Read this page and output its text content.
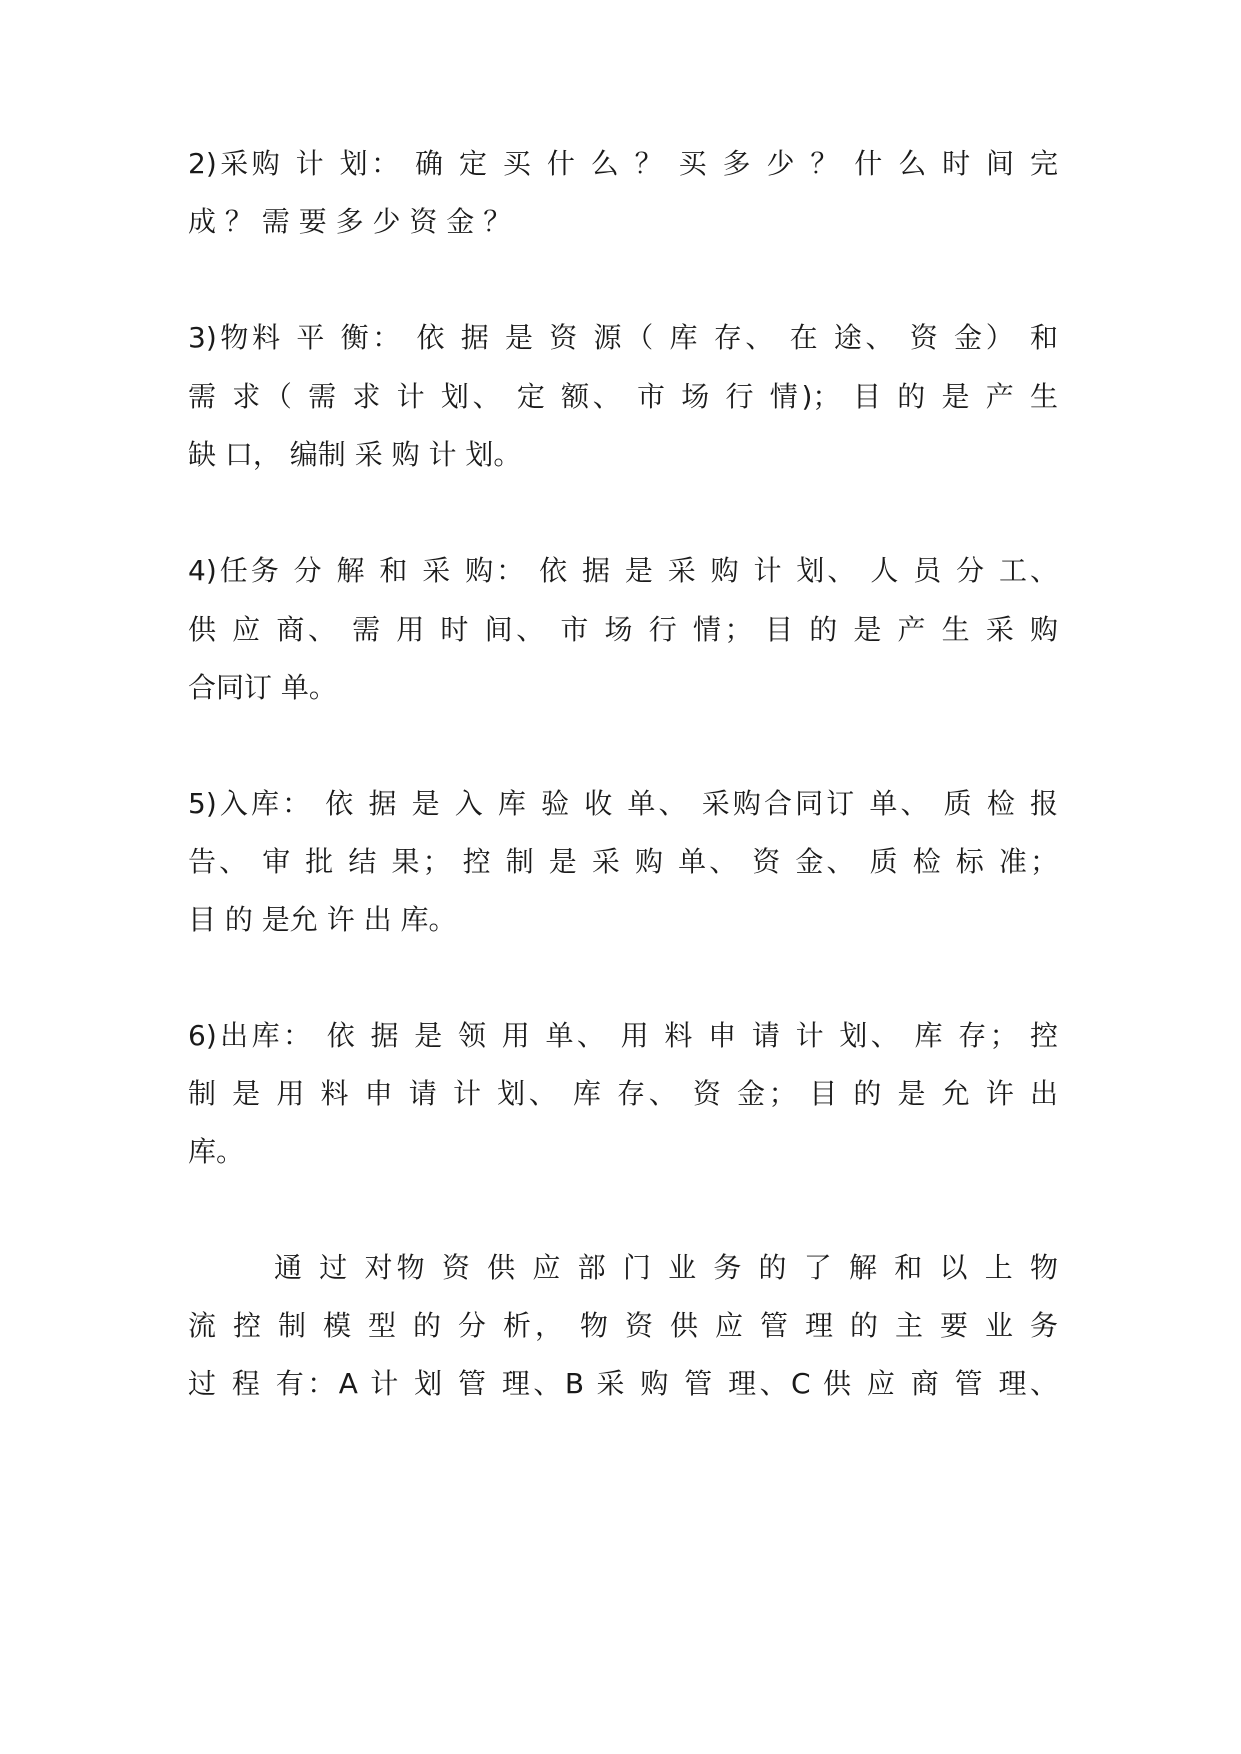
2)采购 计 划： 确 定 买 什 么 ？ 买 多 少 ？ 什 么 时 间 完
成 ？ 需 要 多 少 资 金 ？
3)物料 平 衡： 依 据 是 资 源（ 库 存、 在 途、 资 金） 和
需 求（ 需 求 计 划、 定 额、 市 场 行 情)； 目 的 是 产 生
缺 口， 编制 采 购 计 划。
4)任务 分 解 和 采 购： 依 据 是 采 购 计 划、 人 员 分 工、
供 应 商、 需 用 时 间、 市 场 行 情； 目 的 是 产 生 采 购
合同订 单。
5)入库： 依 据 是 入 库 验 收 单、 采购合同订 单、 质 检 报
告、 审 批 结 果； 控 制 是 采 购 单、 资 金、 质 检 标 准；
目 的 是允 许 出 库。
6)出库： 依 据 是 领 用 单、 用 料 申 请 计 划、 库 存； 控
制 是 用 料 申 请 计 划、 库 存、 资 金； 目 的 是 允 许 出
库。
通 过 对物 资 供 应 部 门 业 务 的 了 解 和 以 上 物
流 控 制 模 型 的 分 析， 物 资 供 应 管 理 的 主 要 业 务
过 程 有：A 计 划 管 理、B 采 购 管 理、C 供 应 商 管 理、
